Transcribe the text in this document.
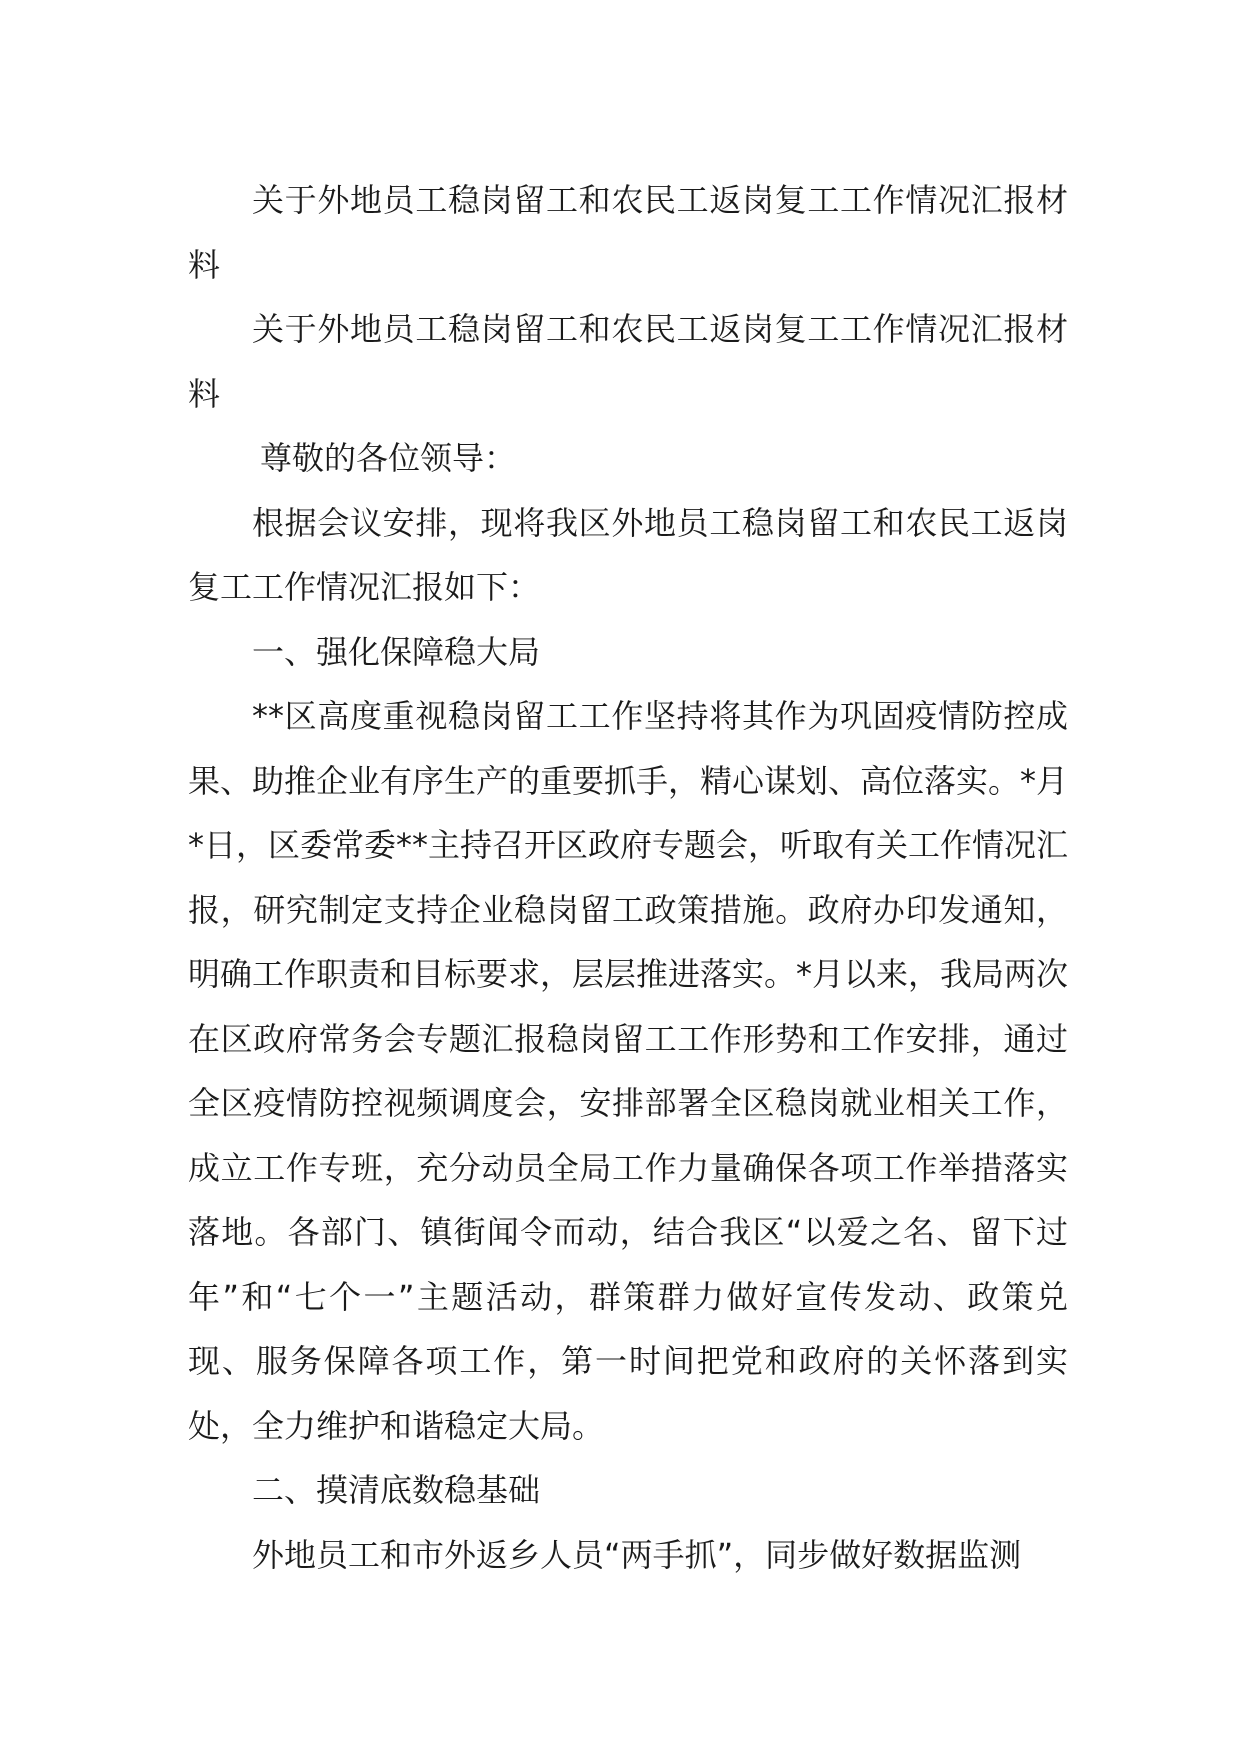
关于外地员工稳岗留工和农民工返岗复工工作情况汇报材料

关于外地员工稳岗留工和农民工返岗复工工作情况汇报材料

尊敬的各位领导：

根据会议安排，现将我区外地员工稳岗留工和农民工返岗复工工作情况汇报如下：

一、强化保障稳大局

**区高度重视稳岗留工工作坚持将其作为巩固疫情防控成果、助推企业有序生产的重要抓手，精心谋划、高位落实。*月*日，区委常委**主持召开区政府专题会，听取有关工作情况汇报，研究制定支持企业稳岗留工政策措施。政府办印发通知，明确工作职责和目标要求，层层推进落实。*月以来，我局两次在区政府常务会专题汇报稳岗留工工作形势和工作安排，通过全区疫情防控视频调度会，安排部署全区稳岗就业相关工作，成立工作专班，充分动员全局工作力量确保各项工作举措落实落地。各部门、镇街闻令而动，结合我区“以爱之名、留下过年”和“七个一”主题活动，群策群力做好宣传发动、政策兑现、服务保障各项工作，第一时间把党和政府的关怀落到实处，全力维护和谐稳定大局。

二、摸清底数稳基础

外地员工和市外返乡人员“两手抓”，同步做好数据监测
